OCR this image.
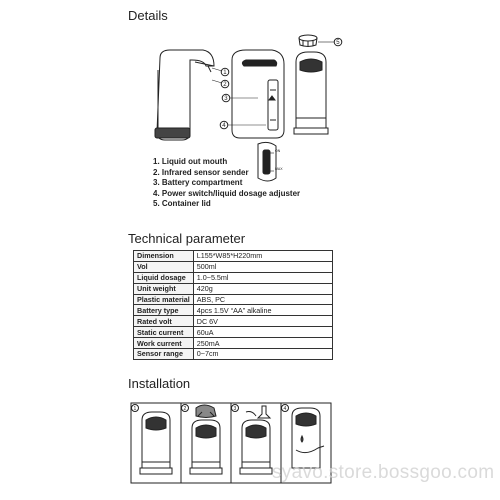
Details
Technical parameter
Installation
1
2
3
4
5
ON
MAX
1. Liquid out mouth
2. Infrared sensor sender
3. Battery compartment
4. Power switch/liquid dosage adjuster
5. Container lid
Dimension	L155*W85*H220mm
Vol	500ml
Liquid dosage	1.0~5.5ml
Unit weight	420g
Plastic material	ABS, PC
Battery type	4pcs 1.5V “AA” alkaline
Rated volt	DC 6V
Static current	60uA
Work current	250mA
Sensor range	0~7cm
1	2	3	4
syavo.store.bossgoo.com
